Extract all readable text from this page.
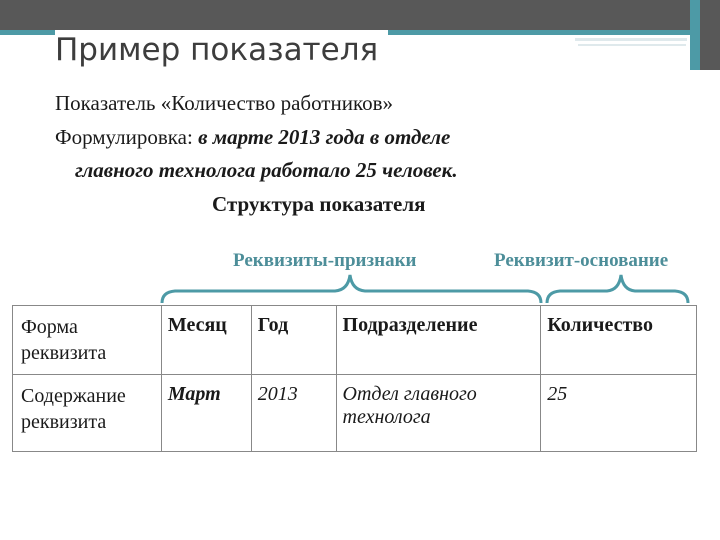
Пример показателя
Показатель «Количество работников»
Формулировка: в марте 2013 года в отделе
главного технолога работало 25 человек.
Структура показателя
Реквизиты-признаки	Реквизит-основание
Форма реквизита	Месяц	Год	Подразделение	Количество
Содержание реквизита	Март	2013	Отдел главного технолога	25
